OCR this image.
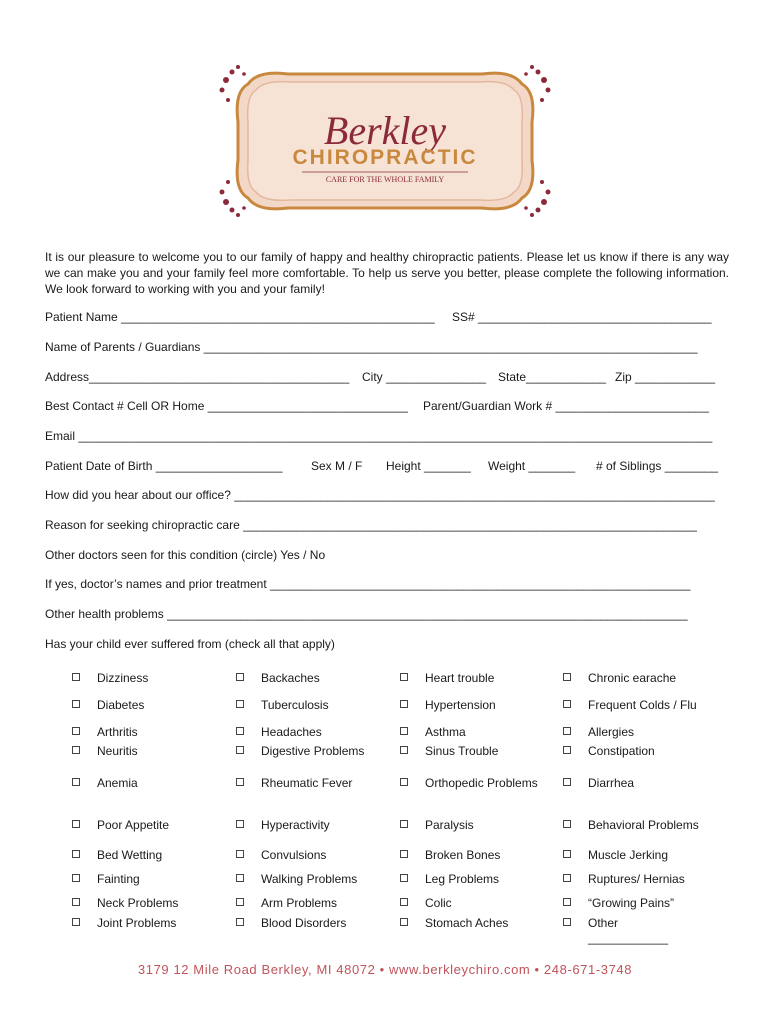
Berkley
CHIROPRACTIC
CARE FOR THE WHOLE FAMILY
It is our pleasure to welcome you to our family of happy and healthy chiropractic patients. Please let us know if there is any way we can make you and your family feel more comfortable. To help us serve you better, please complete the following information. We look forward to working with you and your family!
Patient Name _______________________________________________ SS# ___________________________________
Name of Parents / Guardians __________________________________________________________________________
Address_______________________________________ City _______________ State____________ Zip ____________
Best Contact # Cell OR Home ______________________________ Parent/Guardian Work # _______________________
Email _______________________________________________________________________________________________
Patient Date of Birth ___________________ Sex M / F Height _______ Weight _______ # of Siblings ________
How did you hear about our office? ________________________________________________________________________
Reason for seeking chiropractic care ____________________________________________________________________
Other doctors seen for this condition (circle) Yes / No
If yes, doctor’s names and prior treatment _______________________________________________________________
Other health problems ______________________________________________________________________________
Has your child ever suffered from (check all that apply)
Dizziness
Diabetes
Arthritis
Neuritis
Anemia
Poor Appetite
Bed Wetting
Fainting
Neck Problems
Joint Problems
Backaches
Tuberculosis
Headaches
Digestive Problems
Rheumatic Fever
Hyperactivity
Convulsions
Walking Problems
Arm Problems
Blood Disorders
Heart trouble
Hypertension
Asthma
Sinus Trouble
Orthopedic Problems
Paralysis
Broken Bones
Leg Problems
Colic
Stomach Aches
Chronic earache
Frequent Colds / Flu
Allergies
Constipation
Diarrhea
Behavioral Problems
Muscle Jerking
Ruptures/ Hernias
“Growing Pains”
Other ____________
3179 12 Mile Road Berkley, MI 48072 • www.berkleychiro.com • 248-671-3748
